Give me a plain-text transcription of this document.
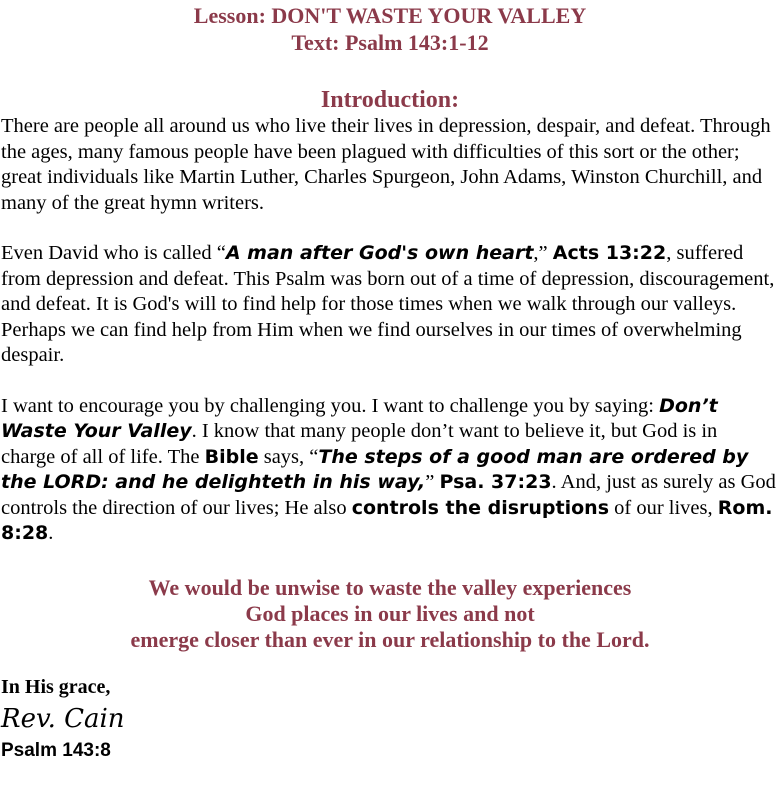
Lesson: DON'T WASTE YOUR VALLEY
Text: Psalm 143:1-12
Introduction:

There are people all around us who live their lives in depression, despair, and defeat. Through the ages, many famous people have been plagued with difficulties of this sort or the other; great individuals like Martin Luther, Charles Spurgeon, John Adams, Winston Churchill, and many of the great hymn writers.

Even David who is called “A man after God's own heart,” Acts 13:22, suffered from depression and defeat. This Psalm was born out of a time of depression, discouragement, and defeat. It is God's will to find help for those times when we walk through our valleys. Perhaps we can find help from Him when we find ourselves in our times of overwhelming despair.

I want to encourage you by challenging you. I want to challenge you by saying: Don’t Waste Your Valley. I know that many people don’t want to believe it, but God is in charge of all of life. The Bible says, “The steps of a good man are ordered by the LORD: and he delighteth in his way,” Psa. 37:23. And, just as surely as God controls the direction of our lives; He also controls the disruptions of our lives, Rom. 8:28.

We would be unwise to waste the valley experiences
God places in our lives and not
emerge closer than ever in our relationship to the Lord.
In His grace,
Rev. Cain
Psalm 143:8
